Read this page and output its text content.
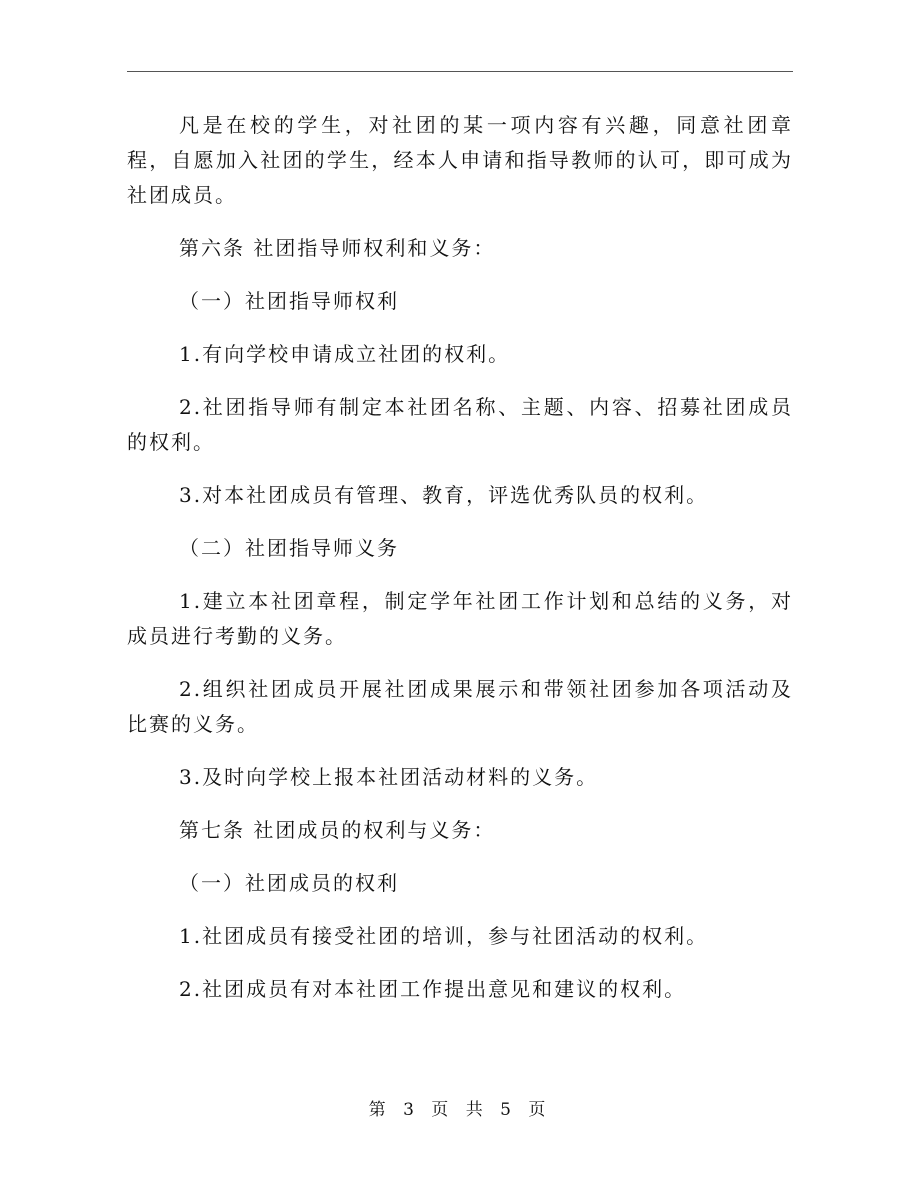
凡是在校的学生，对社团的某一项内容有兴趣，同意社团章程，自愿加入社团的学生，经本人申请和指导教师的认可，即可成为社团成员。

第六条 社团指导师权利和义务：

（一）社团指导师权利

1.有向学校申请成立社团的权利。

2.社团指导师有制定本社团名称、主题、内容、招募社团成员的权利。

3.对本社团成员有管理、教育，评选优秀队员的权利。

（二）社团指导师义务

1.建立本社团章程，制定学年社团工作计划和总结的义务，对成员进行考勤的义务。

2.组织社团成员开展社团成果展示和带领社团参加各项活动及比赛的义务。

3.及时向学校上报本社团活动材料的义务。

第七条 社团成员的权利与义务：

（一）社团成员的权利

1.社团成员有接受社团的培训，参与社团活动的权利。

2.社团成员有对本社团工作提出意见和建议的权利。

第 3 页 共 5 页
